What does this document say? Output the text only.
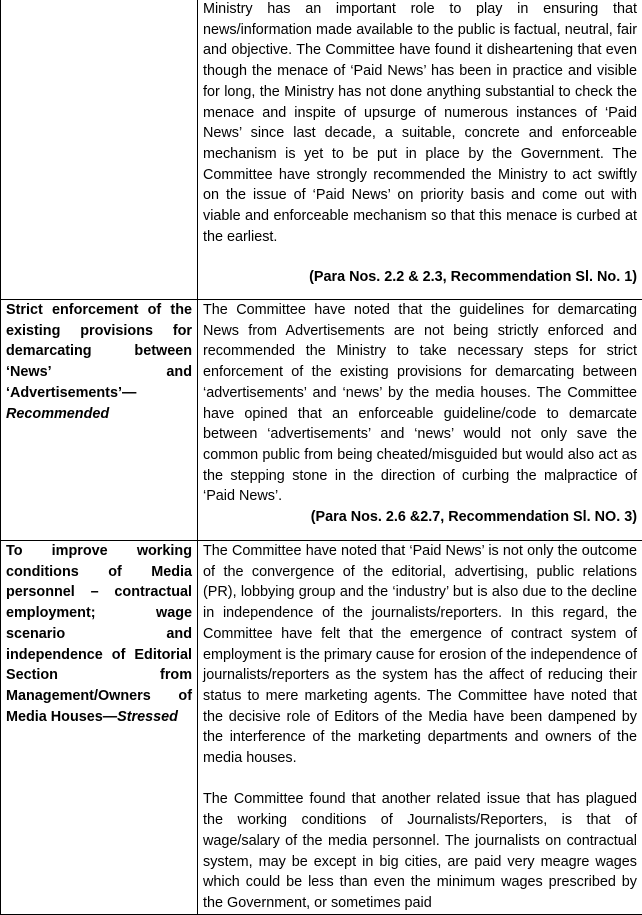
	Ministry has an important role to play in ensuring that news/information made available to the public is factual, neutral, fair and objective. The Committee have found it disheartening that even though the menace of ‘Paid News’ has been in practice and visible for long, the Ministry has not done anything substantial to check the menace and inspite of upsurge of numerous instances of ‘Paid News’ since last decade, a suitable, concrete and enforceable mechanism is yet to be put in place by the Government. The Committee have strongly recommended the Ministry to act swiftly on the issue of ‘Paid News’ on priority basis and come out with viable and enforceable mechanism so that this menace is curbed at the earliest.

(Para Nos. 2.2 & 2.3, Recommendation Sl. No. 1)

Strict enforcement of the existing provisions for demarcating between ‘News’ and ‘Advertisements’—Recommended	The Committee have noted that the guidelines for demarcating News from Advertisements are not being strictly enforced and recommended the Ministry to take necessary steps for strict enforcement of the existing provisions for demarcating between ‘advertisements’ and ‘news’ by the media houses. The Committee have opined that an enforceable guideline/code to demarcate between ‘advertisements’ and ‘news’ would not only save the common public from being cheated/misguided but would also act as the stepping stone in the direction of curbing the malpractice of ‘Paid News’.

(Para Nos. 2.6 &2.7, Recommendation Sl. NO. 3)

To improve working conditions of Media personnel – contractual employment; wage scenario and independence of Editorial Section from Management/Owners of Media Houses—Stressed	The Committee have noted that ‘Paid News’ is not only the outcome of the convergence of the editorial, advertising, public relations (PR), lobbying group and the ‘industry’ but is also due to the decline in independence of the journalists/reporters. In this regard, the Committee have felt that the emergence of contract system of employment is the primary cause for erosion of the independence of journalists/reporters as the system has the affect of reducing their status to mere marketing agents. The Committee have noted that the decisive role of Editors of the Media have been dampened by the interference of the marketing departments and owners of the media houses.

The Committee found that another related issue that has plagued the working conditions of Journalists/Reporters, is that of wage/salary of the media personnel. The journalists on contractual system, may be except in big cities, are paid very meagre wages which could be less than even the minimum wages prescribed by the Government, or sometimes paid
